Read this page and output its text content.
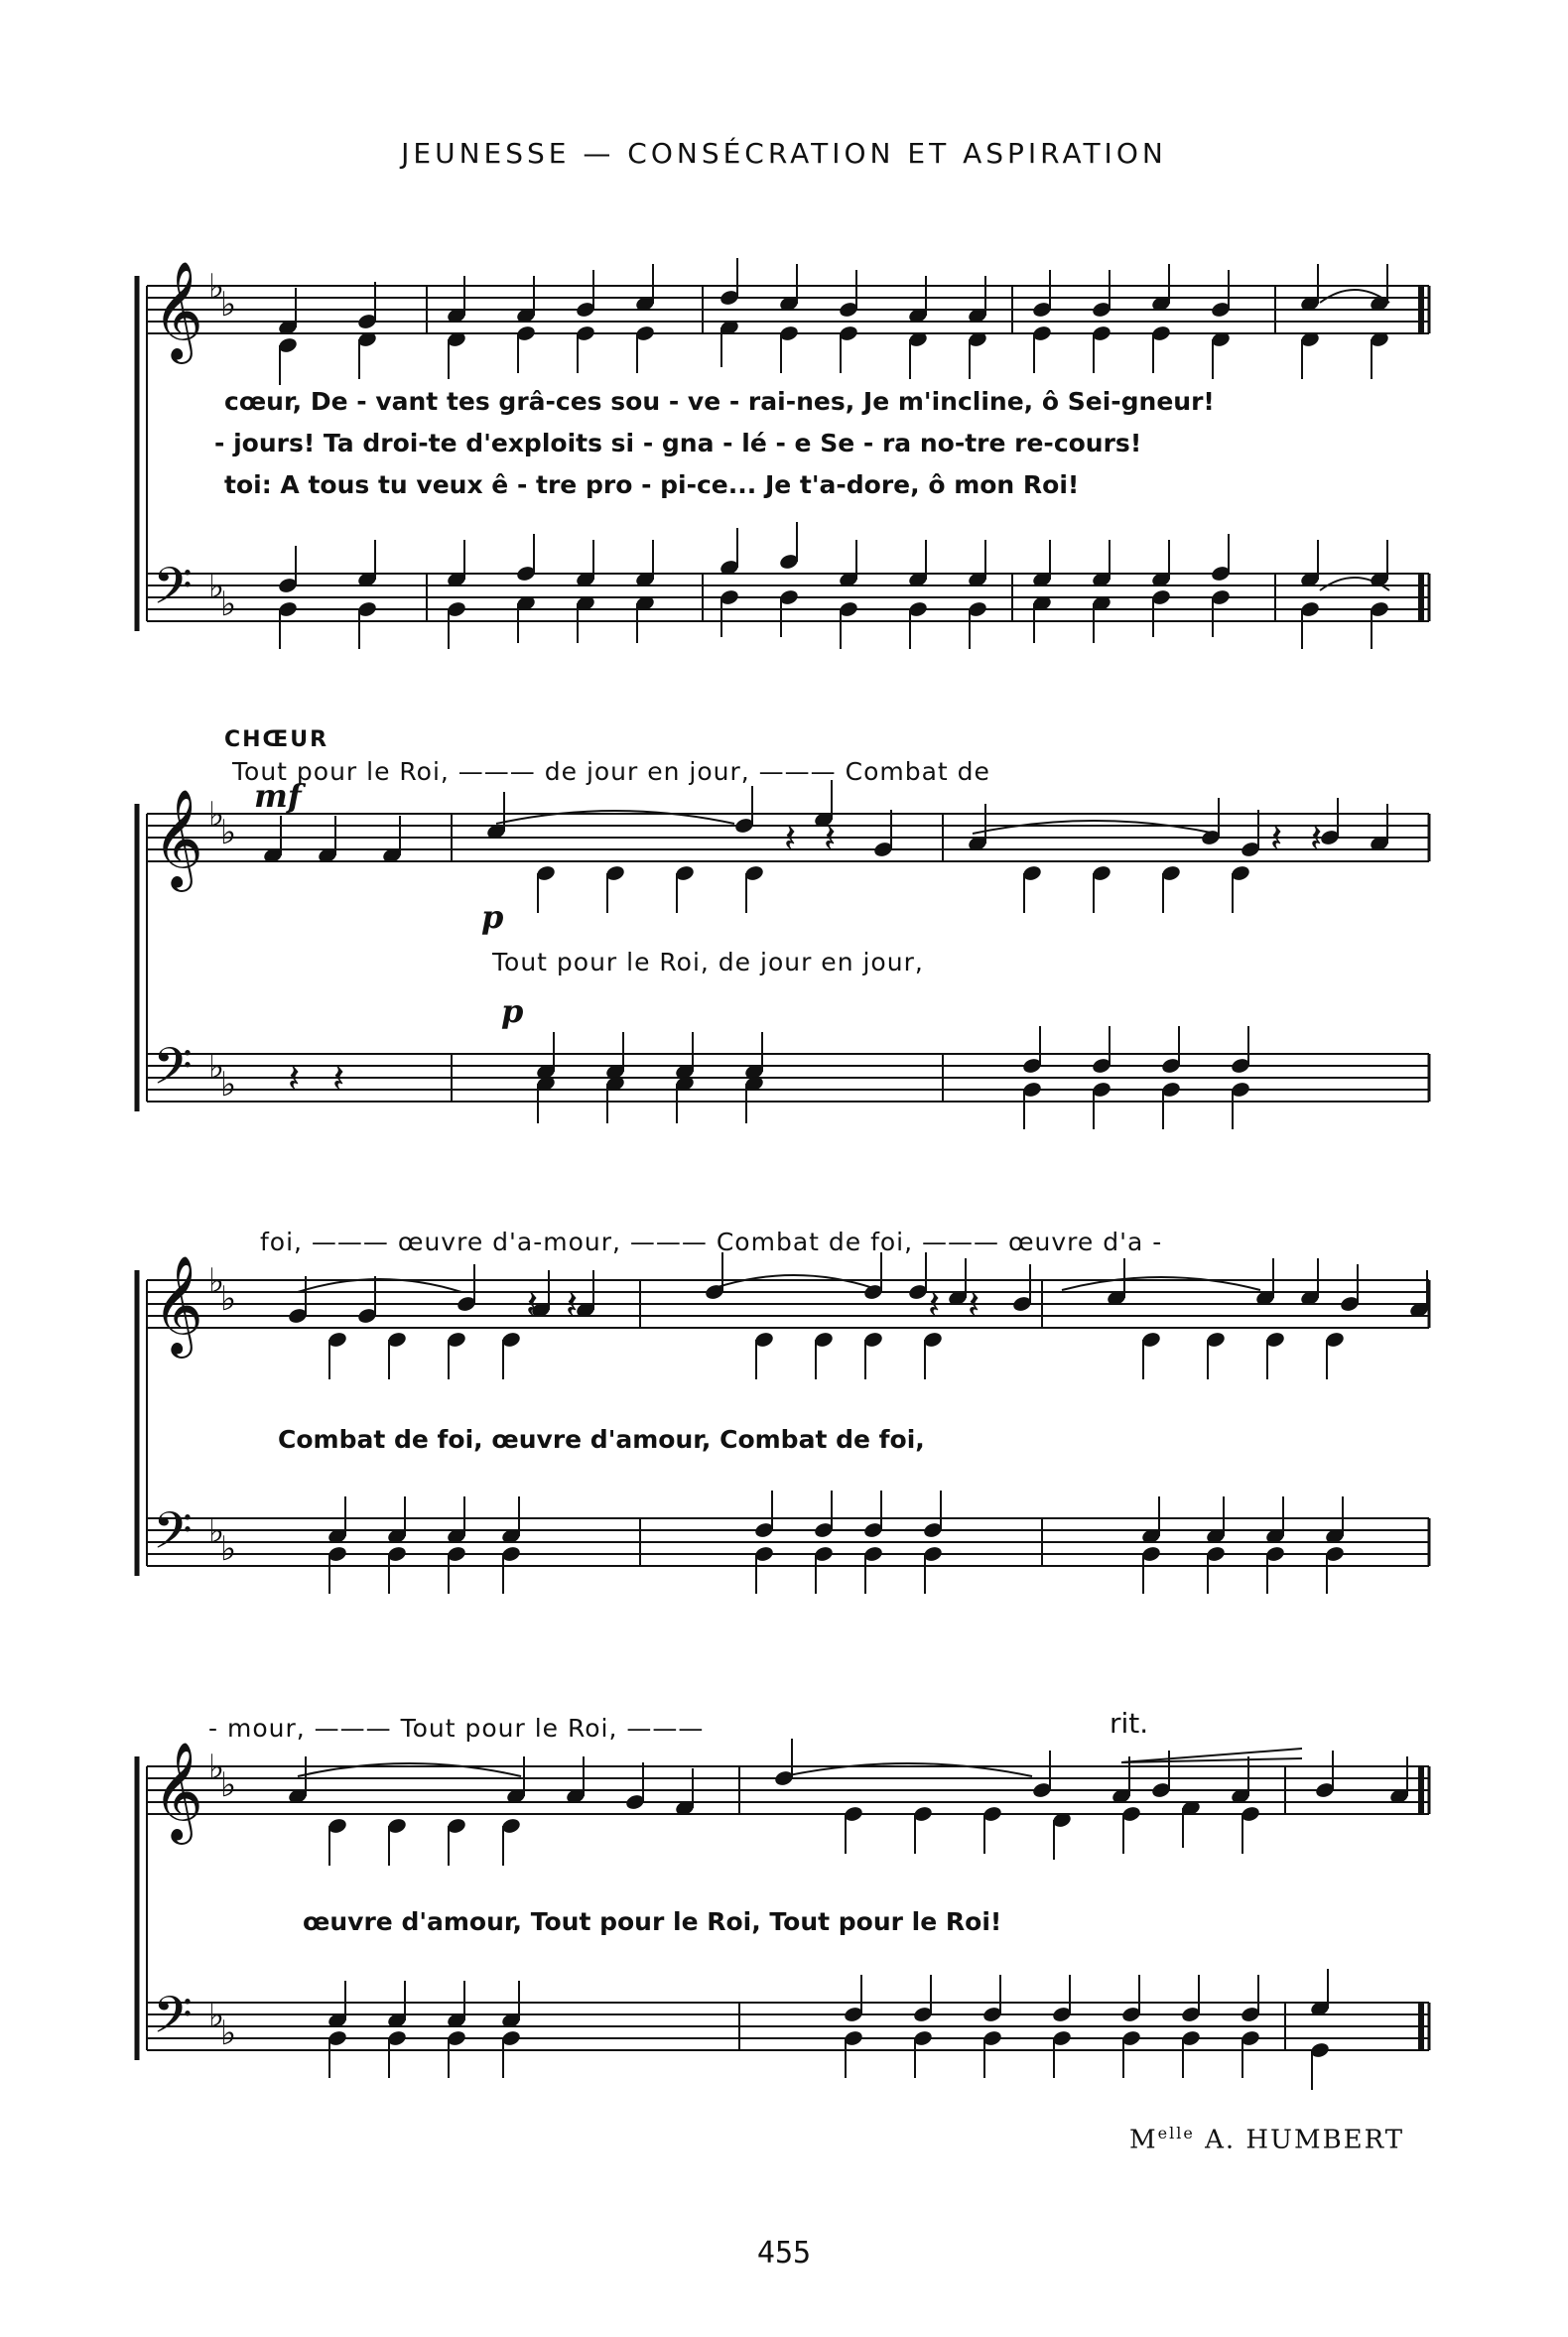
JEUNESSE — CONSÉCRATION ET ASPIRATION
cœur, De - vant tes grâ-ces sou - ve - rai-nes, Je m'incline, ô Sei-gneur!
- jours! Ta droi-te d'exploits si - gna - lé - e Se - ra no-tre re-cours!
toi: A tous tu veux ê - tre pro - pi-ce... Je t'a-dore, ô mon Roi!
CHŒUR
Tout pour le Roi, ——— de jour en jour, ——— Combat de
mf
p
Tout pour le Roi, de jour en jour,
p
foi, ——— œuvre d'a-mour, ——— Combat de foi, ——— œuvre d'a -
Combat de foi, œuvre d'amour, Combat de foi,
- mour, ——— Tout pour le Roi, ———	rit.
œuvre d'amour, Tout pour le Roi, Tout pour le Roi!
$M^{elle}$ A. HUMBERT
455
𝄞
𝄢
♭
♭
♭
♭
𝄞
𝄢
♭
♭
♭
♭
𝄞
𝄢
♭
♭
♭
♭
𝄞
𝄢
♭
♭
♭
♭
𝄽 𝄽
𝄽 𝄽	𝄽 𝄽
𝄽 𝄽	𝄽 𝄽
